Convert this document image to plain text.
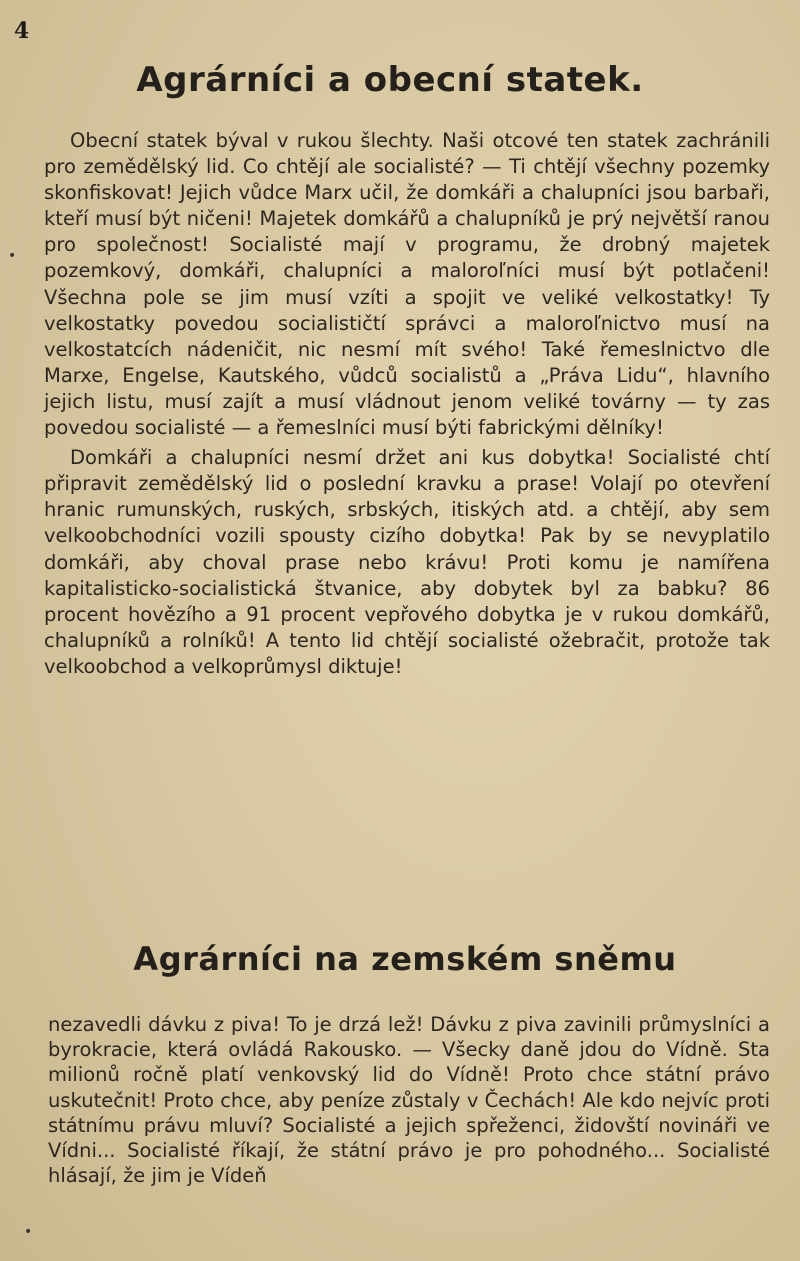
4
•
Agrárníci a obecní statek.

Obecní statek býval v rukou šlechty. Naši otcové ten statek zachránili pro zemědělský lid. Co chtějí ale socialisté? — Ti chtějí všechny pozemky skonfiskovat! Jejich vůdce Marx učil, že domkáři a chalupníci jsou barbaři, kteří musí být ničeni! Majetek domkářů a chalupníků je prý největší ranou pro společnost! Socialisté mají v programu, že drobný majetek pozemkový, domkáři, chalupníci a maloroľníci musí být potlačeni! Všechna pole se jim musí vzíti a spojit ve veliké velkostatky! Ty velkostatky povedou socialističtí správci a maloroľnictvo musí na velkostatcích nádeničit, nic nesmí mít svého! Také řemeslnictvo dle Marxe, Engelse, Kautského, vůdců socialistů a „Práva Lidu“, hlavního jejich listu, musí zajít a musí vládnout jenom veliké továrny — ty zas povedou socialisté — a řemeslníci musí býti fabrickými dělníky!

Domkáři a chalupníci nesmí držet ani kus dobytka! Socialisté chtí připravit zemědělský lid o poslední kravku a prase! Volají po otevření hranic rumunských, ruských, srbských, itiských atd. a chtějí, aby sem velkoobchodníci vozili spousty cizího dobytka! Pak by se nevyplatilo domkáři, aby choval prase nebo krávu! Proti komu je namířena kapitalisticko-socialistická štvanice, aby dobytek byl za babku? 86 procent hovězího a 91 procent vepřového dobytka je v rukou domkářů, chalupníků a rolníků! A tento lid chtějí socialisté ožebračit, protože tak velkoobchod a velkoprůmysl diktuje!

Agrárníci na zemském sněmu

nezavedli dávku z piva! To je drzá lež! Dávku z piva zavinili průmyslníci a byrokracie, která ovládá Rakousko. — Všecky daně jdou do Vídně. Sta milionů ročně platí venkovský lid do Vídně! Proto chce státní právo uskutečnit! Proto chce, aby peníze zůstaly v Čechách! Ale kdo nejvíc proti státnímu právu mluví? Socialisté a jejich spřeženci, židovští novináři ve Vídni... Socialisté říkají, že státní právo je pro pohodného... Socialisté hlásají, že jim je Vídeň

•
